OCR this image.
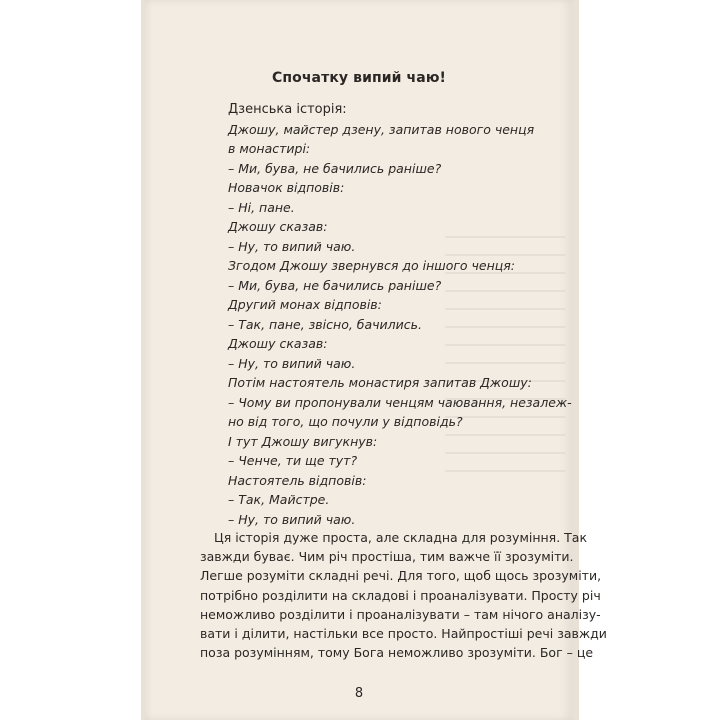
Спочатку випий чаю!
Дзенська історія:
Джошу, майстер дзену, запитав нового ченця
в монастирі:
– Ми, бува, не бачились раніше?
Новачок відповів:
– Ні, пане.
Джошу сказав:
– Ну, то випий чаю.
Згодом Джошу звернувся до іншого ченця:
– Ми, бува, не бачились раніше?
Другий монах відповів:
– Так, пане, звісно, бачились.
Джошу сказав:
– Ну, то випий чаю.
Потім настоятель монастиря запитав Джошу:
– Чому ви пропонували ченцям чаювання, незалеж-
но від того, що почули у відповідь?
І тут Джошу вигукнув:
– Ченче, ти ще тут?
Настоятель відповів:
– Так, Майстре.
– Ну, то випий чаю.
Ця історія дуже проста, але складна для розуміння. Так
завжди буває. Чим річ простіша, тим важче її зрозуміти.
Легше розуміти складні речі. Для того, щоб щось зрозуміти,
потрібно розділити на складові і проаналізувати. Просту річ
неможливо розділити і проаналізувати – там нічого аналізу-
вати і ділити, настільки все просто. Найпростіші речі завжди
поза розумінням, тому Бога неможливо зрозуміти. Бог – це
8
